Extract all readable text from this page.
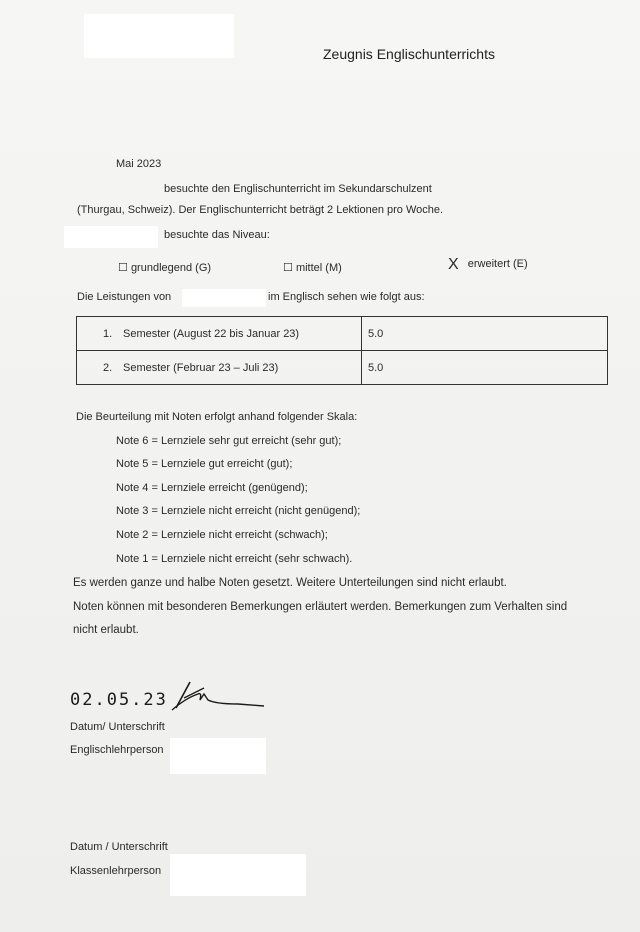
Zeugnis Englischunterrichts
Mai 2023
besuchte den Englischunterricht im Sekundarschulzent
(Thurgau, Schweiz). Der Englischunterricht beträgt 2 Lektionen pro Woche.
besuchte das Niveau:
☐ grundlegend (G)	☐ mittel (M)	X erweitert (E)
Die Leistungen von	im Englisch sehen wie folgt aus:
1. Semester (August 22 bis Januar 23)	5.0
2. Semester (Februar 23 – Juli 23)	5.0
Die Beurteilung mit Noten erfolgt anhand folgender Skala:
Note 6 = Lernziele sehr gut erreicht (sehr gut);
Note 5 = Lernziele gut erreicht (gut);
Note 4 = Lernziele erreicht (genügend);
Note 3 = Lernziele nicht erreicht (nicht genügend);
Note 2 = Lernziele nicht erreicht (schwach);
Note 1 = Lernziele nicht erreicht (sehr schwach).
Es werden ganze und halbe Noten gesetzt. Weitere Unterteilungen sind nicht erlaubt.
Noten können mit besonderen Bemerkungen erläutert werden. Bemerkungen zum Verhalten sind
nicht erlaubt.
02.05.23
Datum/ Unterschrift
Englischlehrperson
Datum / Unterschrift
Klassenlehrperson
